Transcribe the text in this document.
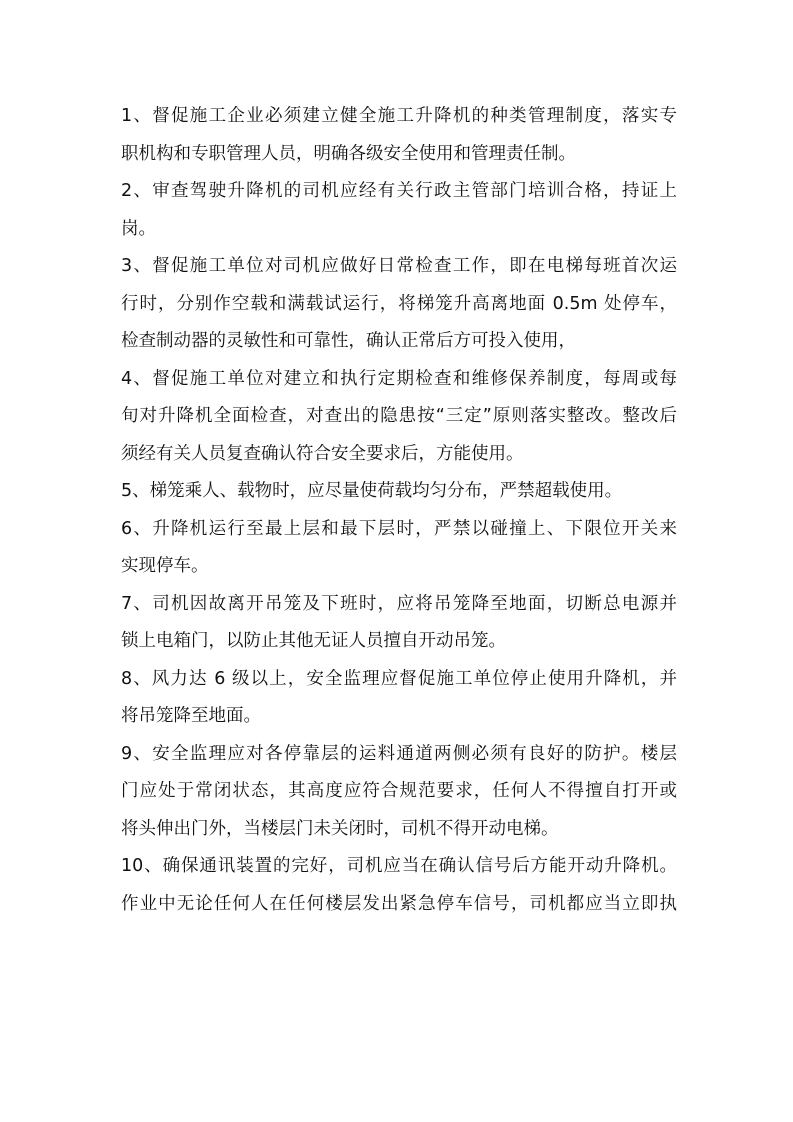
1、督促施工企业必须建立健全施工升降机的种类管理制度，落实专
职机构和专职管理人员，明确各级安全使用和管理责任制。
2、审查驾驶升降机的司机应经有关行政主管部门培训合格，持证上
岗。
3、督促施工单位对司机应做好日常检查工作，即在电梯每班首次运
行时，分别作空载和满载试运行，将梯笼升高离地面 0.5m 处停车，
检查制动器的灵敏性和可靠性，确认正常后方可投入使用，
4、督促施工单位对建立和执行定期检查和维修保养制度，每周或每
旬对升降机全面检查，对查出的隐患按“三定”原则落实整改。整改后
须经有关人员复查确认符合安全要求后，方能使用。
5、梯笼乘人、载物时，应尽量使荷载均匀分布，严禁超载使用。
6、升降机运行至最上层和最下层时，严禁以碰撞上、下限位开关来
实现停车。
7、司机因故离开吊笼及下班时，应将吊笼降至地面，切断总电源并
锁上电箱门，以防止其他无证人员擅自开动吊笼。
8、风力达 6 级以上，安全监理应督促施工单位停止使用升降机，并
将吊笼降至地面。
9、安全监理应对各停靠层的运料通道两侧必须有良好的防护。楼层
门应处于常闭状态，其高度应符合规范要求，任何人不得擅自打开或
将头伸出门外，当楼层门未关闭时，司机不得开动电梯。
10、确保通讯装置的完好，司机应当在确认信号后方能开动升降机。
作业中无论任何人在任何楼层发出紧急停车信号，司机都应当立即执
